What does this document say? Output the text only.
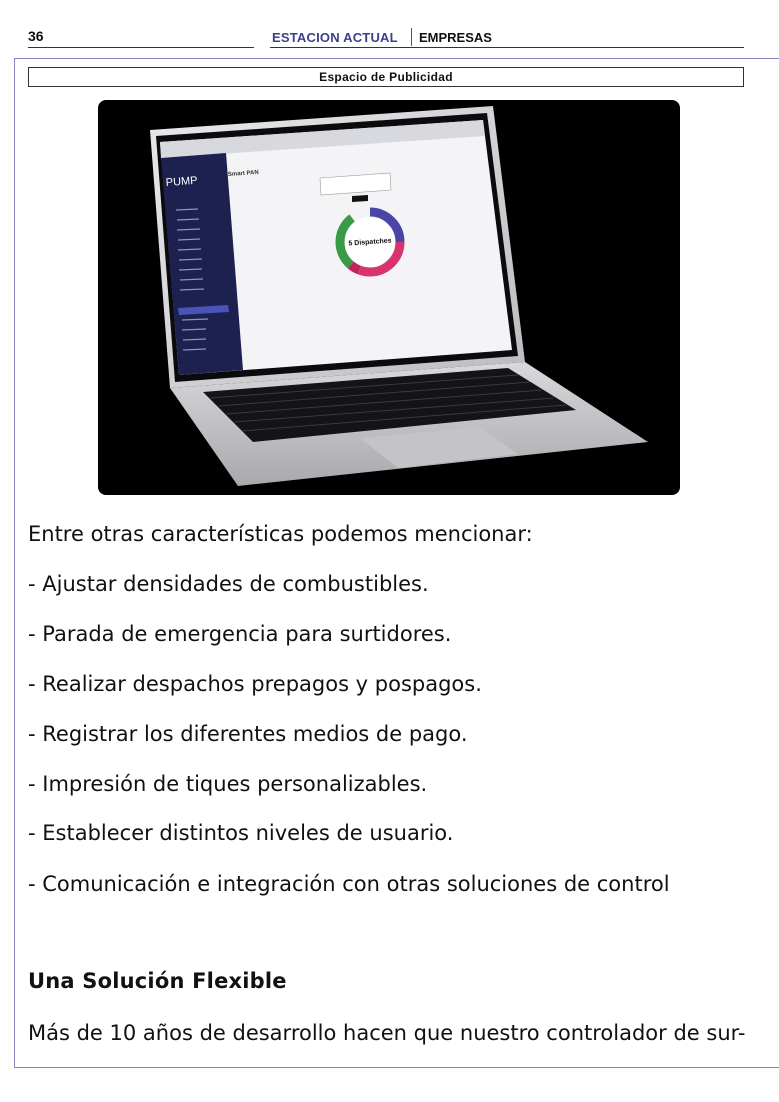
36	ESTACION ACTUAL EMPRESAS
Espacio de Publicidad
PUMP
Smart PAN
5 Dispatches
Entre otras características podemos mencionar:
- Ajustar densidades de combustibles.
- Parada de emergencia para surtidores.
- Realizar despachos prepagos y pospagos.
- Registrar los diferentes medios de pago.
- Impresión de tiques personalizables.
- Establecer distintos niveles de usuario.
- Comunicación e integración con otras soluciones de control
Una Solución Flexible
Más de 10 años de desarrollo hacen que nuestro controlador de sur-
